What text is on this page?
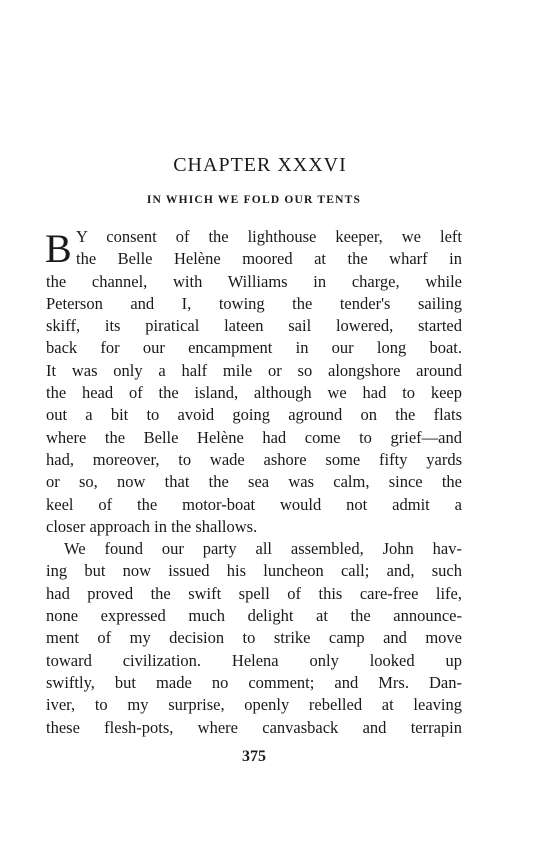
CHAPTER XXXVI
IN WHICH WE FOLD OUR TENTS
B Y consent of the lighthouse keeper, we left
the Belle Helène moored at the wharf in
the channel, with Williams in charge, while
Peterson and I, towing the tender's sailing
skiff, its piratical lateen sail lowered, started
back for our encampment in our long boat.
It was only a half mile or so alongshore around
the head of the island, although we had to keep
out a bit to avoid going aground on the flats
where the Belle Helène had come to grief—and
had, moreover, to wade ashore some fifty yards
or so, now that the sea was calm, since the
keel of the motor-boat would not admit a
closer approach in the shallows.
We found our party all assembled, John hav-
ing but now issued his luncheon call; and, such
had proved the swift spell of this care-free life,
none expressed much delight at the announce-
ment of my decision to strike camp and move
toward civilization. Helena only looked up
swiftly, but made no comment; and Mrs. Dan-
iver, to my surprise, openly rebelled at leaving
these flesh-pots, where canvasback and terrapin
375
